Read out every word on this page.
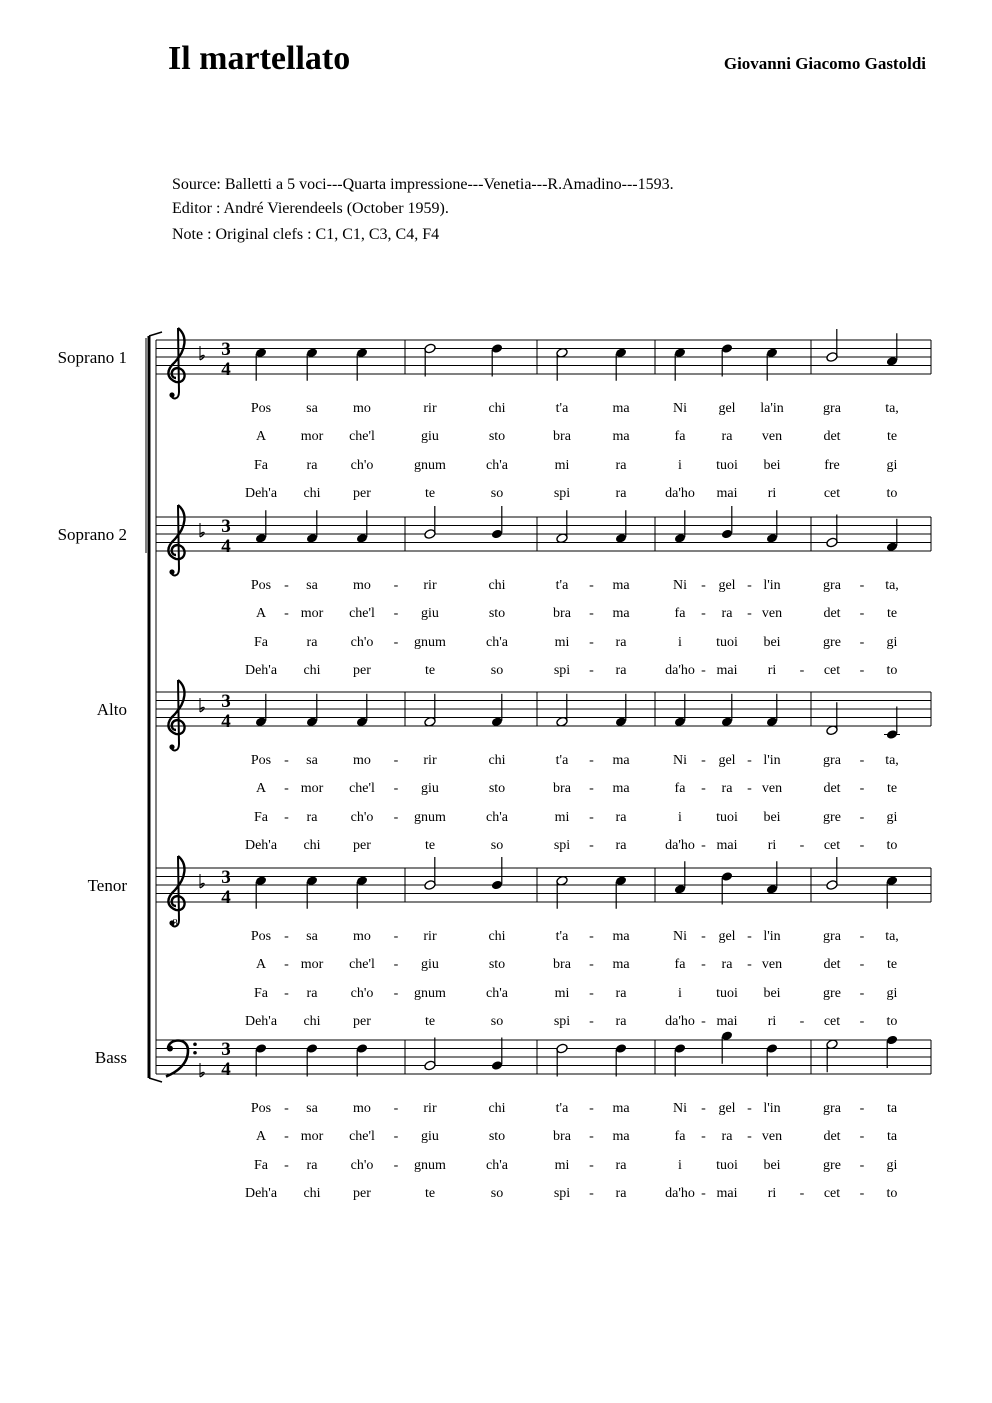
Il martellato	Giovanni Giacomo Gastoldi
Source: Balletti a 5 voci---Quarta impressione---Venetia---R.Amadino---1593.
Editor : André Vierendeels (October 1959).
Note : Original clefs : C1, C1, C3, C4, F4
Soprano 1	3
4
Pos	sa	mo	rir	chi	t'a	ma	Ni gel la'in	gra	ta,
A mor che'l	giu	sto	bra	ma	fa	ra ven	det	te
Fa	ra ch'o	gnum	ch'a	mi	ra	i tuoi bei	fre	gi
Deh'a chi per	te	so	spi	ra	da'ho mai ri	cet	to
Soprano 2	3
4
Pos	sa	mo	rir	chi	t'a	ma	Ni gel l'in	gra	ta,
-	-	-	-	-	-
A mor che'l	giu	sto	bra	ma	fa	ra ven	det	te
-	-	-	-	-	-
Fa	ra ch'o	gnum	ch'a	mi	ra	i tuoi bei	gre	gi
-	-	-
Deh'a chi per	te	so	spi	ra	da'ho mai ri	cet	to
-	-	-	-
Alto	3
4
Pos	sa	mo	rir	chi	t'a	ma	Ni gel l'in	gra	ta,
-	-	-	-	-	-
A mor che'l	giu	sto	bra	ma	fa	ra ven	det	te
-	-	-	-	-	-
Fa	ra ch'o	gnum	ch'a	mi	ra	i tuoi bei	gre	gi
-	-	-	-
Deh'a chi per	te	so	spi	ra	da'ho mai ri	cet	to
-	-	-	-
Tenor
8
3
4
Pos	sa	mo	rir	chi	t'a	ma	Ni gel l'in	gra	ta,
-	-	-	-	-	-
A mor che'l	giu	sto	bra	ma	fa	ra ven	det	te
-	-	-	-	-	-
Fa	ra ch'o	gnum	ch'a	mi	ra	i tuoi bei	gre	gi
-	-	-	-
Deh'a chi per	te	so	spi	ra	da'ho mai ri	cet	to
-	-	-	-
Bass	3
4
Pos	sa	mo	rir	chi	t'a	ma	Ni gel l'in	gra	ta
-	-	-	-	-	-
A mor che'l	giu	sto	bra	ma	fa	ra ven	det	ta
-	-	-	-	-	-
Fa	ra ch'o	gnum	ch'a	mi	ra	i tuoi bei	gre	gi
-	-	-	-
Deh'a chi per	te	so	spi	ra	da'ho mai ri	cet	to
-	-	-	-
